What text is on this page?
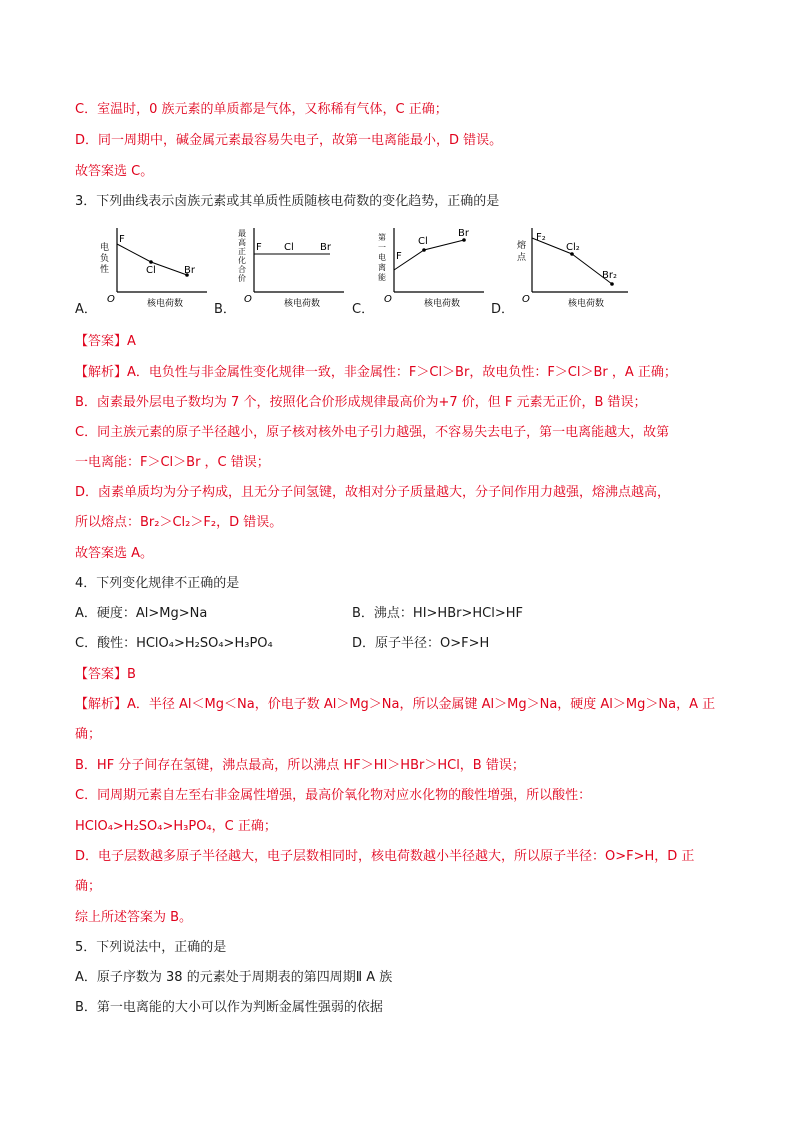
C．室温时，0 族元素的单质都是气体，又称稀有气体，C 正确；
D．同一周期中，碱金属元素最容易失电子，故第一电离能最小，D 错误。
故答案选 C。
3．下列曲线表示卤族元素或其单质性质随核电荷数的变化趋势，正确的是
A．
F
Cl	Br
电
负
性
O	核电荷数 B．
F Cl	Br
最
高
正
化
合
价
O	核电荷数 C．
F
Cl
Br
第
一
电
离
能
O	核电荷数 D．
F₂
Cl₂
Br₂
熔
点
O	核电荷数
【答案】A
【解析】A．电负性与非金属性变化规律一致，非金属性：F＞Cl＞Br，故电负性：F＞Cl＞Br ，A 正确；
B．卤素最外层电子数均为 7 个，按照化合价形成规律最高价为+7 价，但 F 元素无正价，B 错误；
C．同主族元素的原子半径越小，原子核对核外电子引力越强，不容易失去电子，第一电离能越大，故第
一电离能：F＞Cl＞Br ，C 错误；
D．卤素单质均为分子构成，且无分子间氢键，故相对分子质量越大，分子间作用力越强，熔沸点越高，
所以熔点：Br₂＞Cl₂＞F₂，D 错误。
故答案选 A。
4．下列变化规律不正确的是
A．硬度：Al>Mg>Na	B．沸点：HI>HBr>HCl>HF
C．酸性：HClO₄>H₂SO₄>H₃PO₄	D．原子半径：O>F>H
【答案】B
【解析】A．半径 Al＜Mg＜Na，价电子数 Al＞Mg＞Na，所以金属键 Al＞Mg＞Na，硬度 Al＞Mg＞Na，A 正
确；
B．HF 分子间存在氢键，沸点最高，所以沸点 HF＞HI＞HBr＞HCl，B 错误；
C．同周期元素自左至右非金属性增强，最高价氧化物对应水化物的酸性增强，所以酸性：
HClO₄>H₂SO₄>H₃PO₄，C 正确；
D．电子层数越多原子半径越大，电子层数相同时，核电荷数越小半径越大，所以原子半径：O>F>H，D 正
确；
综上所述答案为 B。
5．下列说法中，正确的是
A．原子序数为 38 的元素处于周期表的第四周期Ⅱ A 族
B．第一电离能的大小可以作为判断金属性强弱的依据
